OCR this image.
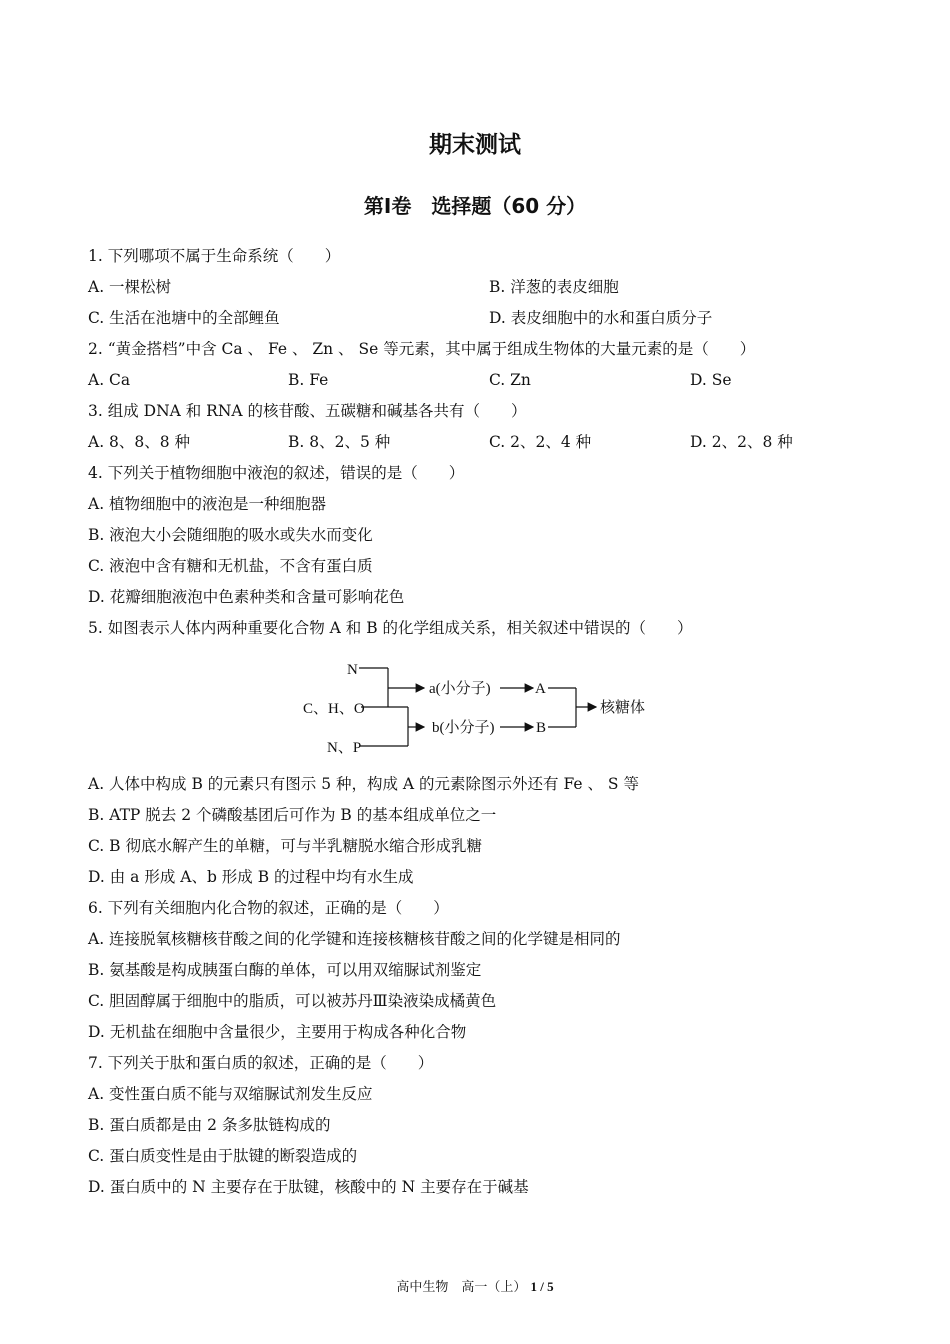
期末测试
第Ⅰ卷　选择题（60 分）
1. 下列哪项不属于生命系统（　　）
A. 一棵松树	B. 洋葱的表皮细胞
C. 生活在池塘中的全部鲤鱼	D. 表皮细胞中的水和蛋白质分子
2. “黄金搭档”中含 Ca 、 Fe 、 Zn 、 Se 等元素，其中属于组成生物体的大量元素的是（　　）
A. Ca	B. Fe	C. Zn	D. Se
3. 组成 DNA 和 RNA 的核苷酸、五碳糖和碱基各共有（　　）
A. 8、8、8 种	B. 8、2、5 种	C. 2、2、4 种	D. 2、2、8 种
4. 下列关于植物细胞中液泡的叙述，错误的是（　　）
A. 植物细胞中的液泡是一种细胞器
B. 液泡大小会随细胞的吸水或失水而变化
C. 液泡中含有糖和无机盐，不含有蛋白质
D. 花瓣细胞液泡中色素种类和含量可影响花色
5. 如图表示人体内两种重要化合物 A 和 B 的化学组成关系，相关叙述中错误的（　　）
N
C、H、O
N、P
a(小分子)
b(小分子)
A
B
核糖体
A. 人体中构成 B 的元素只有图示 5 种，构成 A 的元素除图示外还有 Fe 、 S 等
B. ATP 脱去 2 个磷酸基团后可作为 B 的基本组成单位之一
C. B 彻底水解产生的单糖，可与半乳糖脱水缩合形成乳糖
D. 由 a 形成 A、b 形成 B 的过程中均有水生成
6. 下列有关细胞内化合物的叙述，正确的是（　　）
A. 连接脱氧核糖核苷酸之间的化学键和连接核糖核苷酸之间的化学键是相同的
B. 氨基酸是构成胰蛋白酶的单体，可以用双缩脲试剂鉴定
C. 胆固醇属于细胞中的脂质，可以被苏丹Ⅲ染液染成橘黄色
D. 无机盐在细胞中含量很少，主要用于构成各种化合物
7. 下列关于肽和蛋白质的叙述，正确的是（　　）
A. 变性蛋白质不能与双缩脲试剂发生反应
B. 蛋白质都是由 2 条多肽链构成的
C. 蛋白质变性是由于肽键的断裂造成的
D. 蛋白质中的 N 主要存在于肽键，核酸中的 N 主要存在于碱基
高中生物　高一（上） 1 / 5
